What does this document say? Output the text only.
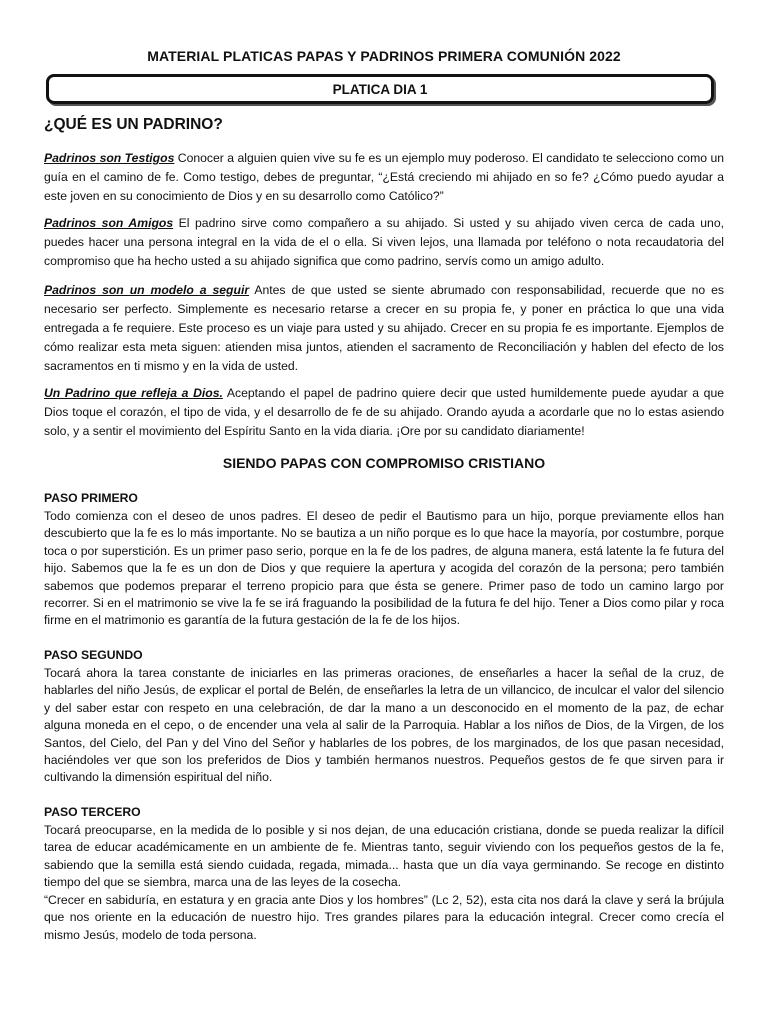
MATERIAL PLATICAS PAPAS Y PADRINOS PRIMERA COMUNIÓN 2022
PLATICA DIA 1
¿QUÉ ES UN PADRINO?

Padrinos son Testigos Conocer a alguien quien vive su fe es un ejemplo muy poderoso. El candidato te selecciono como un guía en el camino de fe. Como testigo, debes de preguntar, “¿Está creciendo mi ahijado en so fe? ¿Cómo puedo ayudar a este joven en su conocimiento de Dios y en su desarrollo como Católico?”

Padrinos son Amigos El padrino sirve como compañero a su ahijado. Si usted y su ahijado viven cerca de cada uno, puedes hacer una persona integral en la vida de el o ella. Si viven lejos, una llamada por teléfono o nota recaudatoria del compromiso que ha hecho usted a su ahijado significa que como padrino, servís como un amigo adulto.

Padrinos son un modelo a seguir Antes de que usted se siente abrumado con responsabilidad, recuerde que no es necesario ser perfecto. Simplemente es necesario retarse a crecer en su propia fe, y poner en práctica lo que una vida entregada a fe requiere. Este proceso es un viaje para usted y su ahijado. Crecer en su propia fe es importante. Ejemplos de cómo realizar esta meta siguen: atienden misa juntos, atienden el sacramento de Reconciliación y hablen del efecto de los sacramentos en ti mismo y en la vida de usted.

Un Padrino que refleja a Dios. Aceptando el papel de padrino quiere decir que usted humildemente puede ayudar a que Dios toque el corazón, el tipo de vida, y el desarrollo de fe de su ahijado. Orando ayuda a acordarle que no lo estas asiendo solo, y a sentir el movimiento del Espíritu Santo en la vida diaria. ¡Ore por su candidato diariamente!

SIENDO PAPAS CON COMPROMISO CRISTIANO
PASO PRIMERO

Todo comienza con el deseo de unos padres. El deseo de pedir el Bautismo para un hijo, porque previamente ellos han descubierto que la fe es lo más importante. No se bautiza a un niño porque es lo que hace la mayoría, por costumbre, porque toca o por superstición. Es un primer paso serio, porque en la fe de los padres, de alguna manera, está latente la fe futura del hijo. Sabemos que la fe es un don de Dios y que requiere la apertura y acogida del corazón de la persona; pero también sabemos que podemos preparar el terreno propicio para que ésta se genere. Primer paso de todo un camino largo por recorrer. Si en el matrimonio se vive la fe se irá fraguando la posibilidad de la futura fe del hijo. Tener a Dios como pilar y roca firme en el matrimonio es garantía de la futura gestación de la fe de los hijos.

PASO SEGUNDO

Tocará ahora la tarea constante de iniciarles en las primeras oraciones, de enseñarles a hacer la señal de la cruz, de hablarles del niño Jesús, de explicar el portal de Belén, de enseñarles la letra de un villancico, de inculcar el valor del silencio y del saber estar con respeto en una celebración, de dar la mano a un desconocido en el momento de la paz, de echar alguna moneda en el cepo, o de encender una vela al salir de la Parroquia. Hablar a los niños de Dios, de la Virgen, de los Santos, del Cielo, del Pan y del Vino del Señor y hablarles de los pobres, de los marginados, de los que pasan necesidad, haciéndoles ver que son los preferidos de Dios y también hermanos nuestros. Pequeños gestos de fe que sirven para ir cultivando la dimensión espiritual del niño.

PASO TERCERO

Tocará preocuparse, en la medida de lo posible y si nos dejan, de una educación cristiana, donde se pueda realizar la difícil tarea de educar académicamente en un ambiente de fe. Mientras tanto, seguir viviendo con los pequeños gestos de la fe, sabiendo que la semilla está siendo cuidada, regada, mimada... hasta que un día vaya germinando. Se recoge en distinto tiempo del que se siembra, marca una de las leyes de la cosecha.

“Crecer en sabiduría, en estatura y en gracia ante Dios y los hombres” (Lc 2, 52), esta cita nos dará la clave y será la brújula que nos oriente en la educación de nuestro hijo. Tres grandes pilares para la educación integral. Crecer como crecía el mismo Jesús, modelo de toda persona.
